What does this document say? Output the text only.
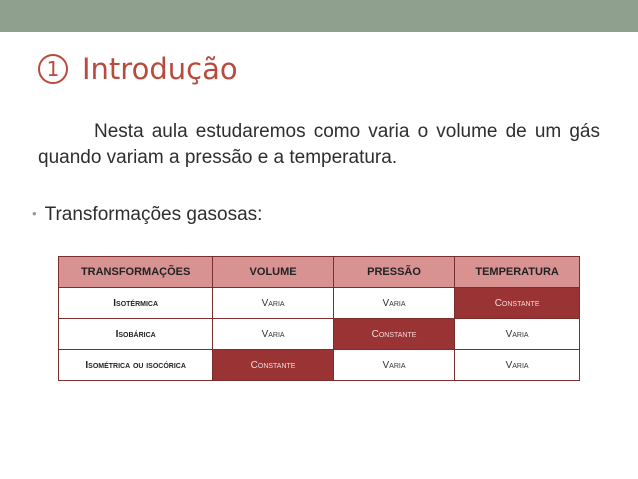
1 Introdução

Nesta aula estudaremos como varia o volume de um gás quando variam a pressão e a temperatura.

• Transformações gasosas:
TRANSFORMAÇÕES	VOLUME	PRESSÃO	TEMPERATURA
Isotérmica	Varia	Varia	Constante
Isobárica	Varia	Constante	Varia
Isométrica ou isocórica	Constante	Varia	Varia
